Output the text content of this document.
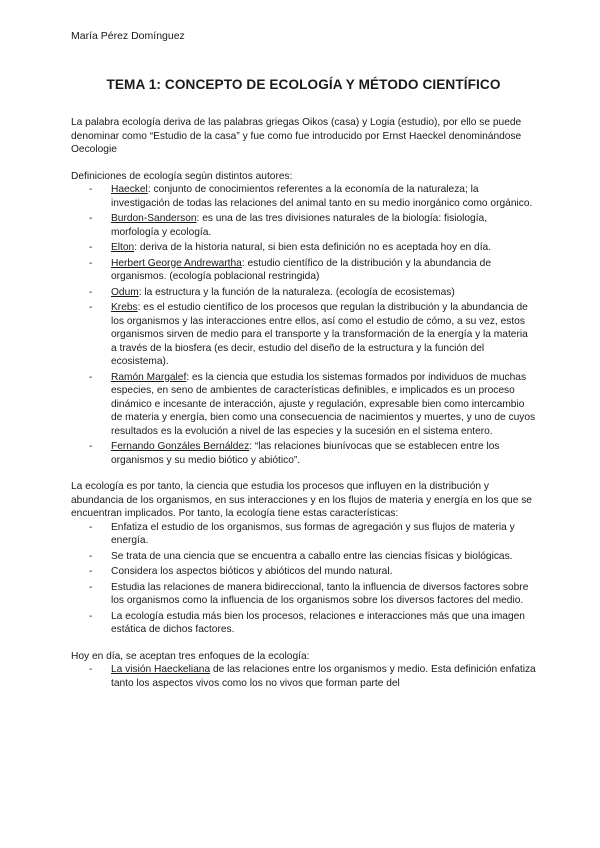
María Pérez Domínguez

TEMA 1: CONCEPTO DE ECOLOGÍA Y MÉTODO CIENTÍFICO

La palabra ecología deriva de las palabras griegas Oikos (casa) y Logia (estudio), por ello se puede denominar como “Estudio de la casa” y fue como fue introducido por Ernst Haeckel denominándose Oecologie

Definiciones de ecología según distintos autores:

- Haeckel: conjunto de conocimientos referentes a la economía de la naturaleza; la investigación de todas las relaciones del animal tanto en su medio inorgánico como orgánico.
- Burdon-Sanderson: es una de las tres divisiones naturales de la biología: fisiología, morfología y ecología.
- Elton: deriva de la historia natural, si bien esta definición no es aceptada hoy en día.
- Herbert George Andrewartha: estudio científico de la distribución y la abundancia de organismos. (ecología poblacional restringida)
- Odum: la estructura y la función de la naturaleza. (ecología de ecosistemas)
- Krebs: es el estudio científico de los procesos que regulan la distribución y la abundancia de los organismos y las interacciones entre ellos, así como el estudio de cómo, a su vez, estos organismos sirven de medio para el transporte y la transformación de la energía y la materia a través de la biosfera (es decir, estudio del diseño de la estructura y la función del ecosistema).
- Ramón Margalef: es la ciencia que estudia los sistemas formados por individuos de muchas especies, en seno de ambientes de características definibles, e implicados es un proceso dinámico e incesante de interacción, ajuste y regulación, expresable bien como intercambio de materia y energía, bien como una consecuencia de nacimientos y muertes, y uno de cuyos resultados es la evolución a nivel de las especies y la sucesión en el sistema entero.
- Fernando Gonzáles Bernáldez: “las relaciones biunívocas que se establecen entre los organismos y su medio biótico y abiótico”.

La ecología es por tanto, la ciencia que estudia los procesos que influyen en la distribución y abundancia de los organismos, en sus interacciones y en los flujos de materia y energía en los que se encuentran implicados. Por tanto, la ecología tiene estas características:

- Enfatiza el estudio de los organismos, sus formas de agregación y sus flujos de materia y energía.
- Se trata de una ciencia que se encuentra a caballo entre las ciencias físicas y biológicas.
- Considera los aspectos bióticos y abióticos del mundo natural.
- Estudia las relaciones de manera bidireccional, tanto la influencia de diversos factores sobre los organismos como la influencia de los organismos sobre los diversos factores del medio.
- La ecología estudia más bien los procesos, relaciones e interacciones más que una imagen estática de dichos factores.

Hoy en día, se aceptan tres enfoques de la ecología:

- La visión Haeckeliana de las relaciones entre los organismos y medio. Esta definición enfatiza tanto los aspectos vivos como los no vivos que forman parte del
